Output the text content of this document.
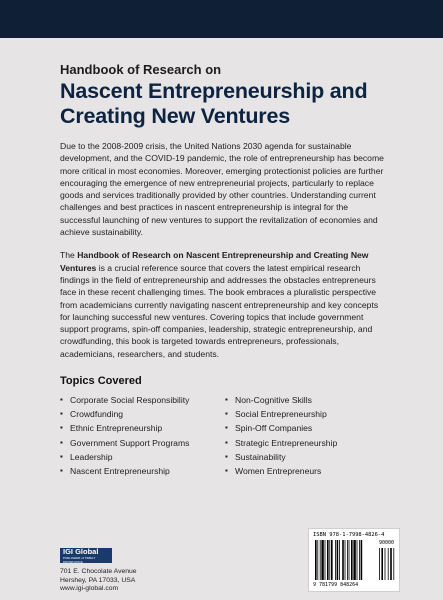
Handbook of Research on

Nascent Entrepreneurship and
Creating New Ventures

Due to the 2008-2009 crisis, the United Nations 2030 agenda for sustainable development, and the COVID-19 pandemic, the role of entrepreneurship has become more critical in most economies. Moreover, emerging protectionist policies are further encouraging the emergence of new entrepreneurial projects, particularly to replace goods and services traditionally provided by other countries. Understanding current challenges and best practices in nascent entrepreneurship is integral for the successful launching of new ventures to support the revitalization of economies and achieve sustainability.

The Handbook of Research on Nascent Entrepreneurship and Creating New Ventures is a crucial reference source that covers the latest empirical research findings in the field of entrepreneurship and addresses the obstacles entrepreneurs face in these recent challenging times. The book embraces a pluralistic perspective from academicians currently navigating nascent entrepreneurship and key concepts for launching successful new ventures. Covering topics that include government support programs, spin-off companies, leadership, strategic entrepreneurship, and crowdfunding, this book is targeted towards entrepreneurs, professionals, academicians, researchers, and students.

Topics Covered
▪ Corporate Social Responsibility
▪ Crowdfunding
▪ Ethnic Entrepreneurship
▪ Government Support Programs
▪ Leadership
▪ Nascent Entrepreneurship
▪ Non-Cognitive Skills
▪ Social Entrepreneurship
▪ Spin-Off Companies
▪ Strategic Entrepreneurship
▪ Sustainability
▪ Women Entrepreneurs
IGI Global
PUBLISHER of TIMELY KNOWLEDGE
701 E. Chocolate Avenue
Hershey, PA 17033, USA
www.igi-global.com
ISBN 978-1-7998-4826-4
90000
9 781799 848264
